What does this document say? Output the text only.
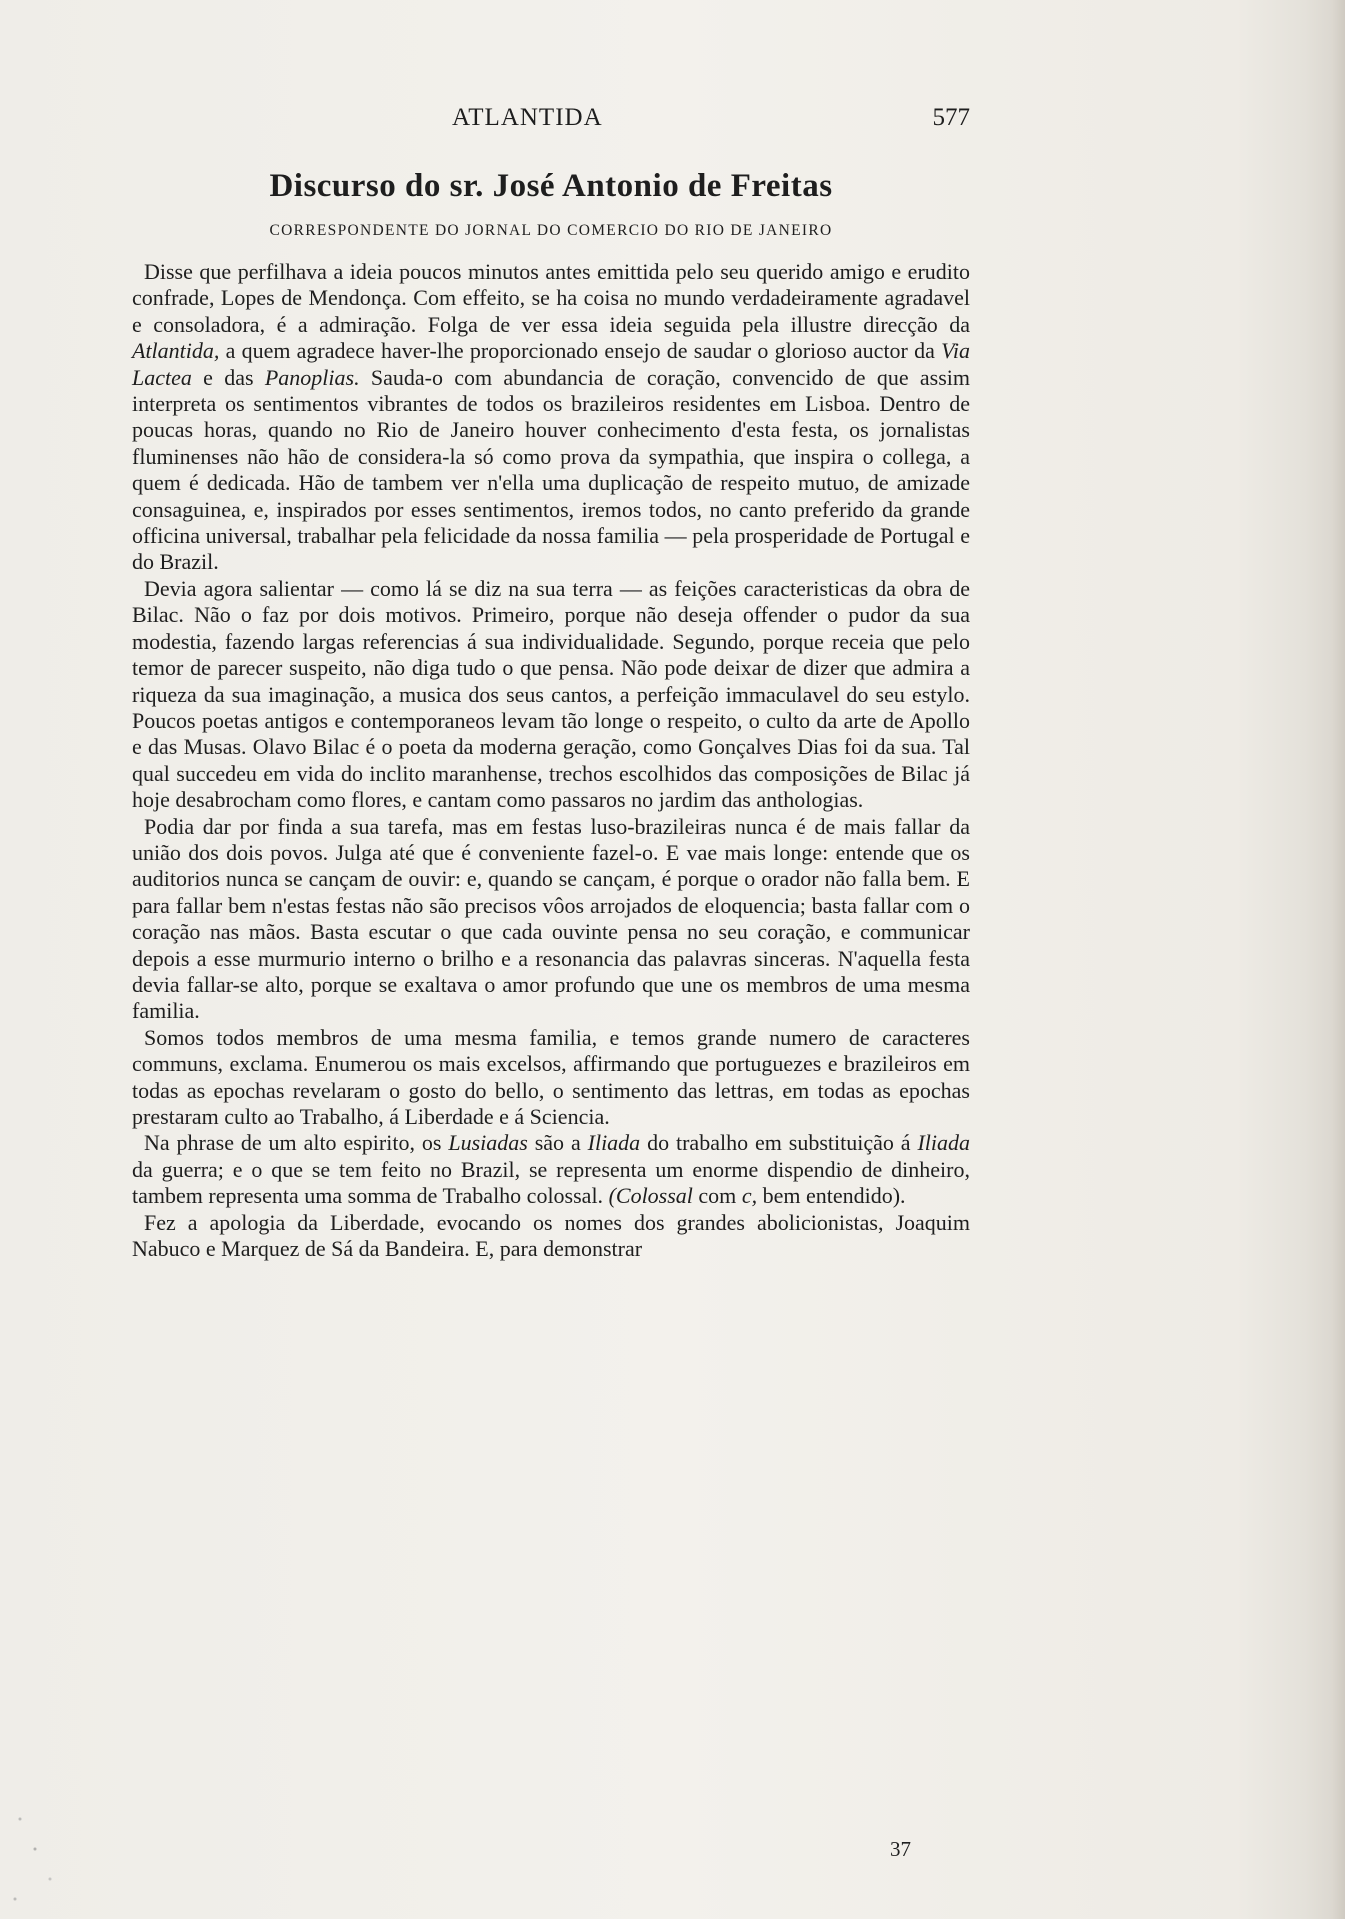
ATLANTIDA	577
Discurso do sr. José Antonio de Freitas
CORRESPONDENTE DO JORNAL DO COMERCIO DO RIO DE JANEIRO

Disse que perfilhava a ideia poucos minutos antes emittida pelo seu querido amigo e erudito confrade, Lopes de Mendonça. Com effeito, se ha coisa no mundo verdadeiramente agradavel e consoladora, é a admiração. Folga de ver essa ideia seguida pela illustre direcção da Atlantida, a quem agradece haver-lhe proporcionado ensejo de saudar o glorioso auctor da Via Lactea e das Panoplias. Sauda-o com abundancia de coração, convencido de que assim interpreta os sentimentos vibrantes de todos os brazileiros residentes em Lisboa. Dentro de poucas horas, quando no Rio de Janeiro houver conhecimento d'esta festa, os jornalistas fluminenses não hão de considera-la só como prova da sympathia, que inspira o collega, a quem é dedicada. Hão de tambem ver n'ella uma duplicação de respeito mutuo, de amizade consaguinea, e, inspirados por esses sentimentos, iremos todos, no canto preferido da grande officina universal, trabalhar pela felicidade da nossa familia — pela prosperidade de Portugal e do Brazil.

Devia agora salientar — como lá se diz na sua terra — as feições caracteristicas da obra de Bilac. Não o faz por dois motivos. Primeiro, porque não deseja offender o pudor da sua modestia, fazendo largas referencias á sua individualidade. Segundo, porque receia que pelo temor de parecer suspeito, não diga tudo o que pensa. Não pode deixar de dizer que admira a riqueza da sua imaginação, a musica dos seus cantos, a perfeição immaculavel do seu estylo. Poucos poetas antigos e contemporaneos levam tão longe o respeito, o culto da arte de Apollo e das Musas. Olavo Bilac é o poeta da moderna geração, como Gonçalves Dias foi da sua. Tal qual succedeu em vida do inclito maranhense, trechos escolhidos das composições de Bilac já hoje desabrocham como flores, e cantam como passaros no jardim das anthologias.

Podia dar por finda a sua tarefa, mas em festas luso-brazileiras nunca é de mais fallar da união dos dois povos. Julga até que é conveniente fazel-o. E vae mais longe: entende que os auditorios nunca se cançam de ouvir: e, quando se cançam, é porque o orador não falla bem. E para fallar bem n'estas festas não são precisos vôos arrojados de eloquencia; basta fallar com o coração nas mãos. Basta escutar o que cada ouvinte pensa no seu coração, e communicar depois a esse murmurio interno o brilho e a resonancia das palavras sinceras. N'aquella festa devia fallar-se alto, porque se exaltava o amor profundo que une os membros de uma mesma familia.

Somos todos membros de uma mesma familia, e temos grande numero de caracteres communs, exclama. Enumerou os mais excelsos, affirmando que portuguezes e brazileiros em todas as epochas revelaram o gosto do bello, o sentimento das lettras, em todas as epochas prestaram culto ao Trabalho, á Liberdade e á Sciencia.

Na phrase de um alto espirito, os Lusiadas são a Iliada do trabalho em substituição á Iliada da guerra; e o que se tem feito no Brazil, se representa um enorme dispendio de dinheiro, tambem representa uma somma de Trabalho colossal. (Colossal com c, bem entendido).

Fez a apologia da Liberdade, evocando os nomes dos grandes abolicionistas, Joaquim Nabuco e Marquez de Sá da Bandeira. E, para demonstrar

37
